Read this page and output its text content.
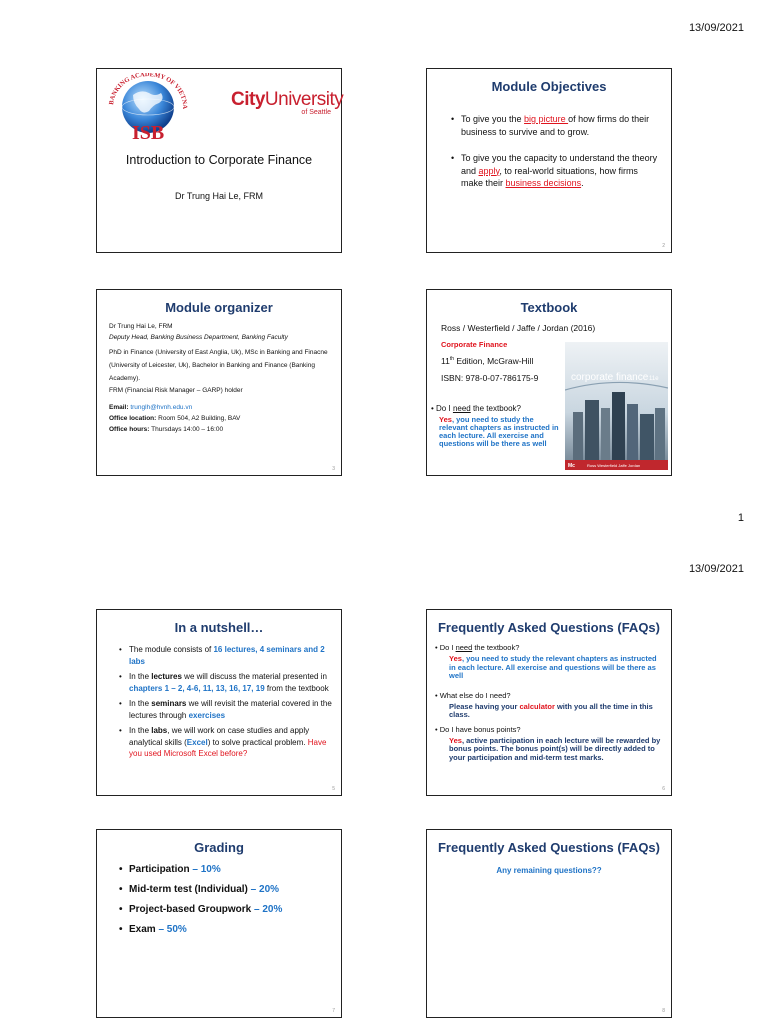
13/09/2021
BANKING ACADEMY OF VIETNA
ISB
CityUniversity
of Seattle
Introduction to Corporate Finance
Dr Trung Hai Le, FRM
Module Objectives
• To give you the big picture of how firms do their business to survive and to grow.
• To give you the capacity to understand the theory and apply, to real-world situations, how firms make their business decisions.
2
Module organizer
Dr Trung Hai Le, FRM
Deputy Head, Banking Business Department, Banking Faculty
PhD in Finance (University of East Anglia, Uk), MSc in Banking and Finacne (University of Leicester, Uk), Bachelor in Banking and Finance (Banking Academy).
FRM (Financial Risk Manager – GARP) holder
Email: trunglh@hvnh.edu.vn
Office location: Room 504, A2 Building, BAV
Office hours: Thursdays 14:00 – 16:00
3
Textbook
Ross / Westerfield / Jaffe / Jordan (2016)
Corporate Finance
11th Edition, McGraw-Hill
ISBN: 978-0-07-786175-9
• Do I need the textbook?
Yes, you need to study the relevant chapters as instructed in each lecture. All exercise and questions will be there as well
corporate finance 11e
Mc	Ross Westerfield Jaffe Jordan
1
13/09/2021
In a nutshell…
• The module consists of 16 lectures, 4 seminars and 2 labs
• In the lectures we will discuss the material presented in chapters 1 – 2, 4-6, 11, 13, 16, 17, 19 from the textbook
• In the seminars we will revisit the material covered in the lectures through exercises
• In the labs, we will work on case studies and apply analytical skills (Excel) to solve practical problem. Have you used Microsoft Excel before?
5
Frequently Asked Questions (FAQs)
• Do I need the textbook?
Yes, you need to study the relevant chapters as instructed in each lecture. All exercise and questions will be there as well
• What else do I need?
Please having your calculator with you all the time in this class.
• Do I have bonus points?
Yes, active participation in each lecture will be rewarded by bonus points. The bonus point(s) will be directly added to your participation and mid-term test marks.
6
Grading
• Participation – 10%
• Mid-term test (Individual) – 20%
• Project-based Groupwork – 20%
• Exam – 50%
7
Frequently Asked Questions (FAQs)
Any remaining questions??
8
